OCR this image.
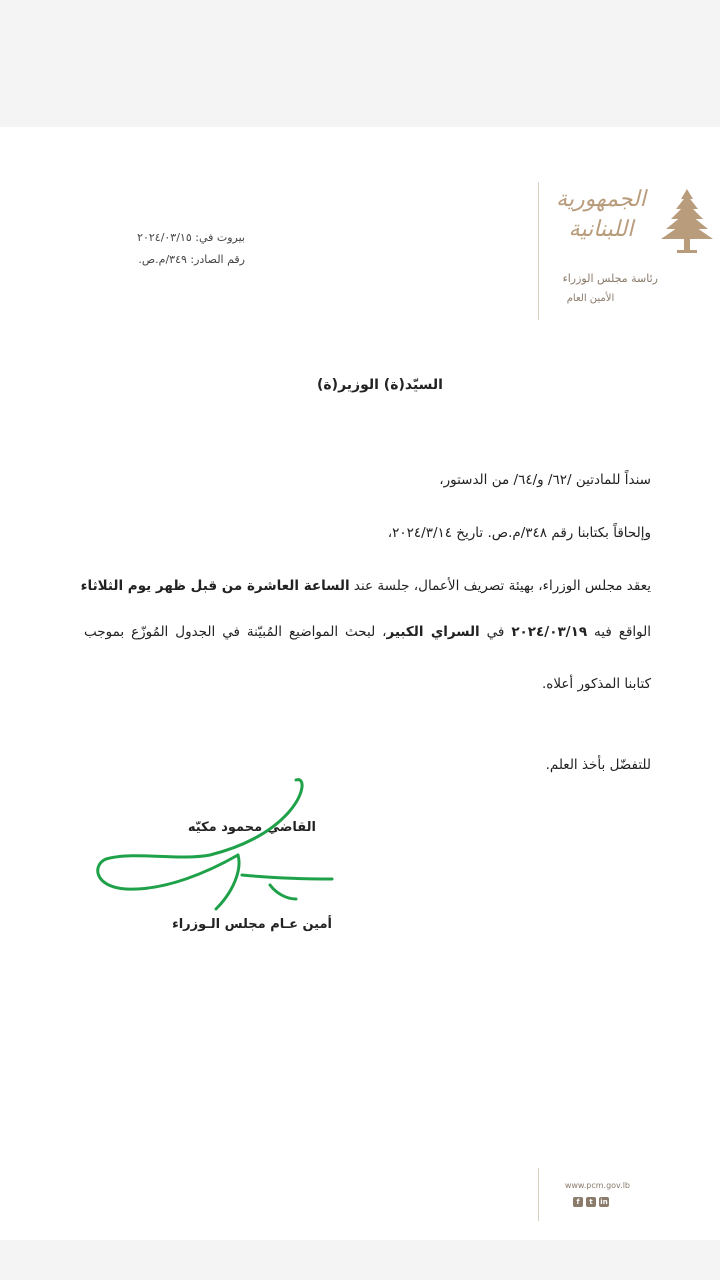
الجمهورية
اللبنانية
رئاسة مجلس الوزراء
الأمين العام
بيروت في: ٢٠٢٤/٠٣/١٥
رقم الصادر: ٣٤٩/م.ص.
السيّد(ة) الوزير(ة)
سنداً للمادتين /٦٢/ و/٦٤/ من الدستور،
وإلحاقاً بكتابنا رقم ٣٤٨/م.ص. تاريخ ٢٠٢٤/٣/١٤،
يعقد مجلس الوزراء، بهيئة تصريف الأعمال، جلسة عند الساعة العاشرة من قبل ظهر يوم الثلاثاء
الواقع فيه ٢٠٢٤/٠٣/١٩ في السراي الكبير، لبحث المواضيع المُبيّنة في الجدول المُوزّع بموجب
كتابنا المذكور أعلاه.
للتفضّل بأخذ العلم.
القاضي محمود مكيّه
أمين عـام مجلس الـوزراء
www.pcm.gov.lb
f	t	in
